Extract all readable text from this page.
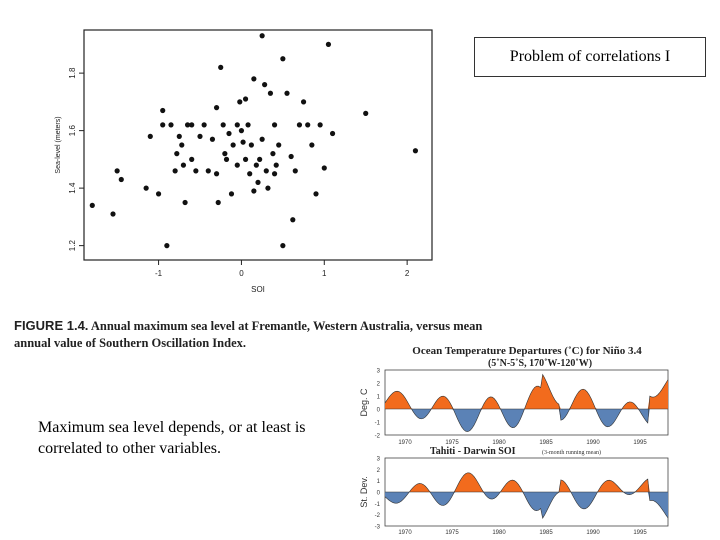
Problem of correlations I
-1	0	1	2
1.2
1.4
1.6
1.8
SOI
Sea-level (meters)
FIGURE 1.4. Annual maximum sea level at Fremantle, Western Australia, versus mean annual value of Southern Oscillation Index.
Maximum sea level depends, or at least is correlated to other variables.
Ocean Temperature Departures (˚C) for Niño 3.4
(5˚N-5˚S, 170˚W-120˚W)
3
2
1
0
-1
-2
Deg. C
1970	1975	1980	1985	1990	1995
Tahiti - Darwin SOI	(3-month running mean)
3
2
1
0
-1
-2
-3
St. Dev.
1970	1975	1980	1985	1990	1995
